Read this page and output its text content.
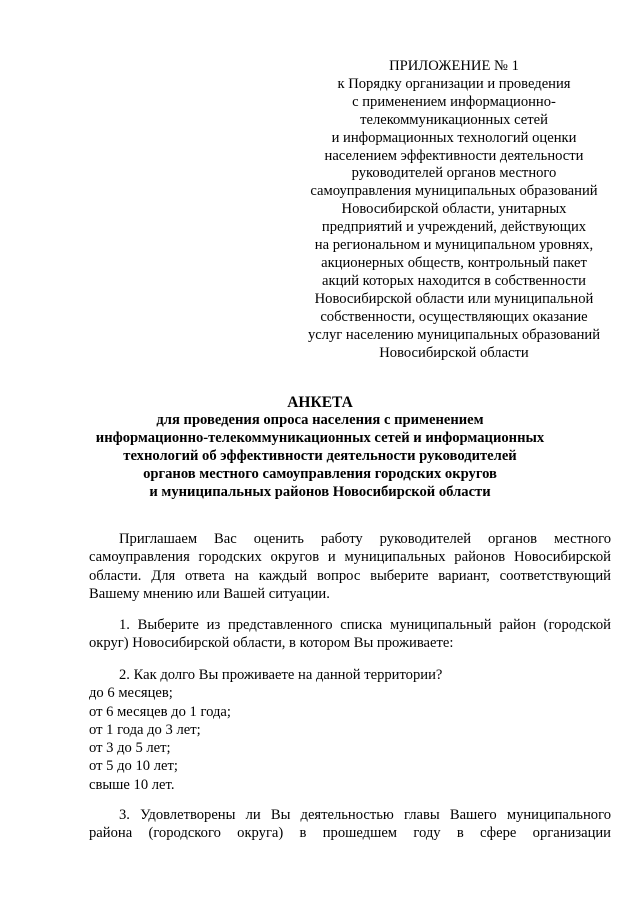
ПРИЛОЖЕНИЕ № 1
к Порядку организации и проведения
с применением информационно-
телекоммуникационных сетей
и информационных технологий оценки
населением эффективности деятельности
руководителей органов местного
самоуправления муниципальных образований
Новосибирской области, унитарных
предприятий и учреждений, действующих
на региональном и муниципальном уровнях,
акционерных обществ, контрольный пакет
акций которых находится в собственности
Новосибирской области или муниципальной
собственности, осуществляющих оказание
услуг населению муниципальных образований
Новосибирской области
АНКЕТА
для проведения опроса населения с применением
информационно-телекоммуникационных сетей и информационных
технологий об эффективности деятельности руководителей
органов местного самоуправления городских округов
и муниципальных районов Новосибирской области
Приглашаем Вас оценить работу руководителей органов местного
самоуправления городских округов и муниципальных районов Новосибирской
области. Для ответа на каждый вопрос выберите вариант, соответствующий
Вашему мнению или Вашей ситуации.
1. Выберите из представленного списка муниципальный район (городской
округ) Новосибирской области, в котором Вы проживаете:
2. Как долго Вы проживаете на данной территории?
до 6 месяцев;
от 6 месяцев до 1 года;
от 1 года до 3 лет;
от 3 до 5 лет;
от 5 до 10 лет;
свыше 10 лет.
3. Удовлетворены ли Вы деятельностью главы Вашего муниципального
района (городского округа) в прошедшем году в сфере организации
